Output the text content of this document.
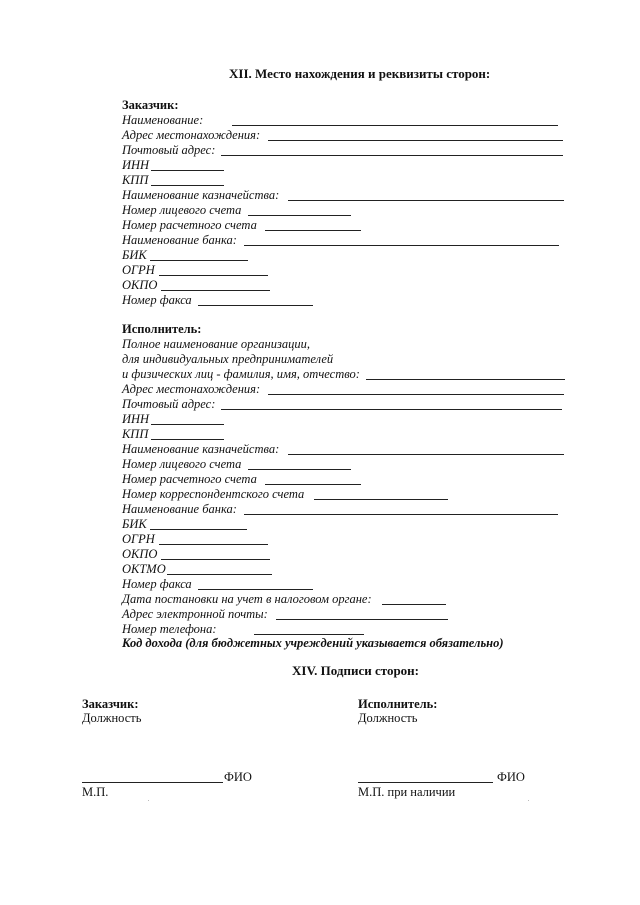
XII. Место нахождения и реквизиты сторон:
Заказчик:
Наименование:
Адрес местонахождения:
Почтовый адрес:
ИНН
КПП
Наименование казначейства:
Номер лицевого счета
Номер расчетного счета
Наименование банка:
БИК
ОГРН
ОКПО
Номер факса
Исполнитель:
Полное наименование организации,
для индивидуальных предпринимателей
и физических лиц - фамилия, имя, отчество:
Адрес местонахождения:
Почтовый адрес:
ИНН
КПП
Наименование казначейства:
Номер лицевого счета
Номер расчетного счета
Номер корреспондентского счета
Наименование банка:
БИК
ОГРН
ОКПО
ОКТМО
Номер факса
Дата постановки на учет в налоговом органе:
Адрес электронной почты:
Номер телефона:
Код дохода (для бюджетных учреждений указывается обязательно)
XIV. Подписи сторон:
Заказчик:
Должность
ФИО
М.П.
Исполнитель:
Должность
ФИО
М.П. при наличии
